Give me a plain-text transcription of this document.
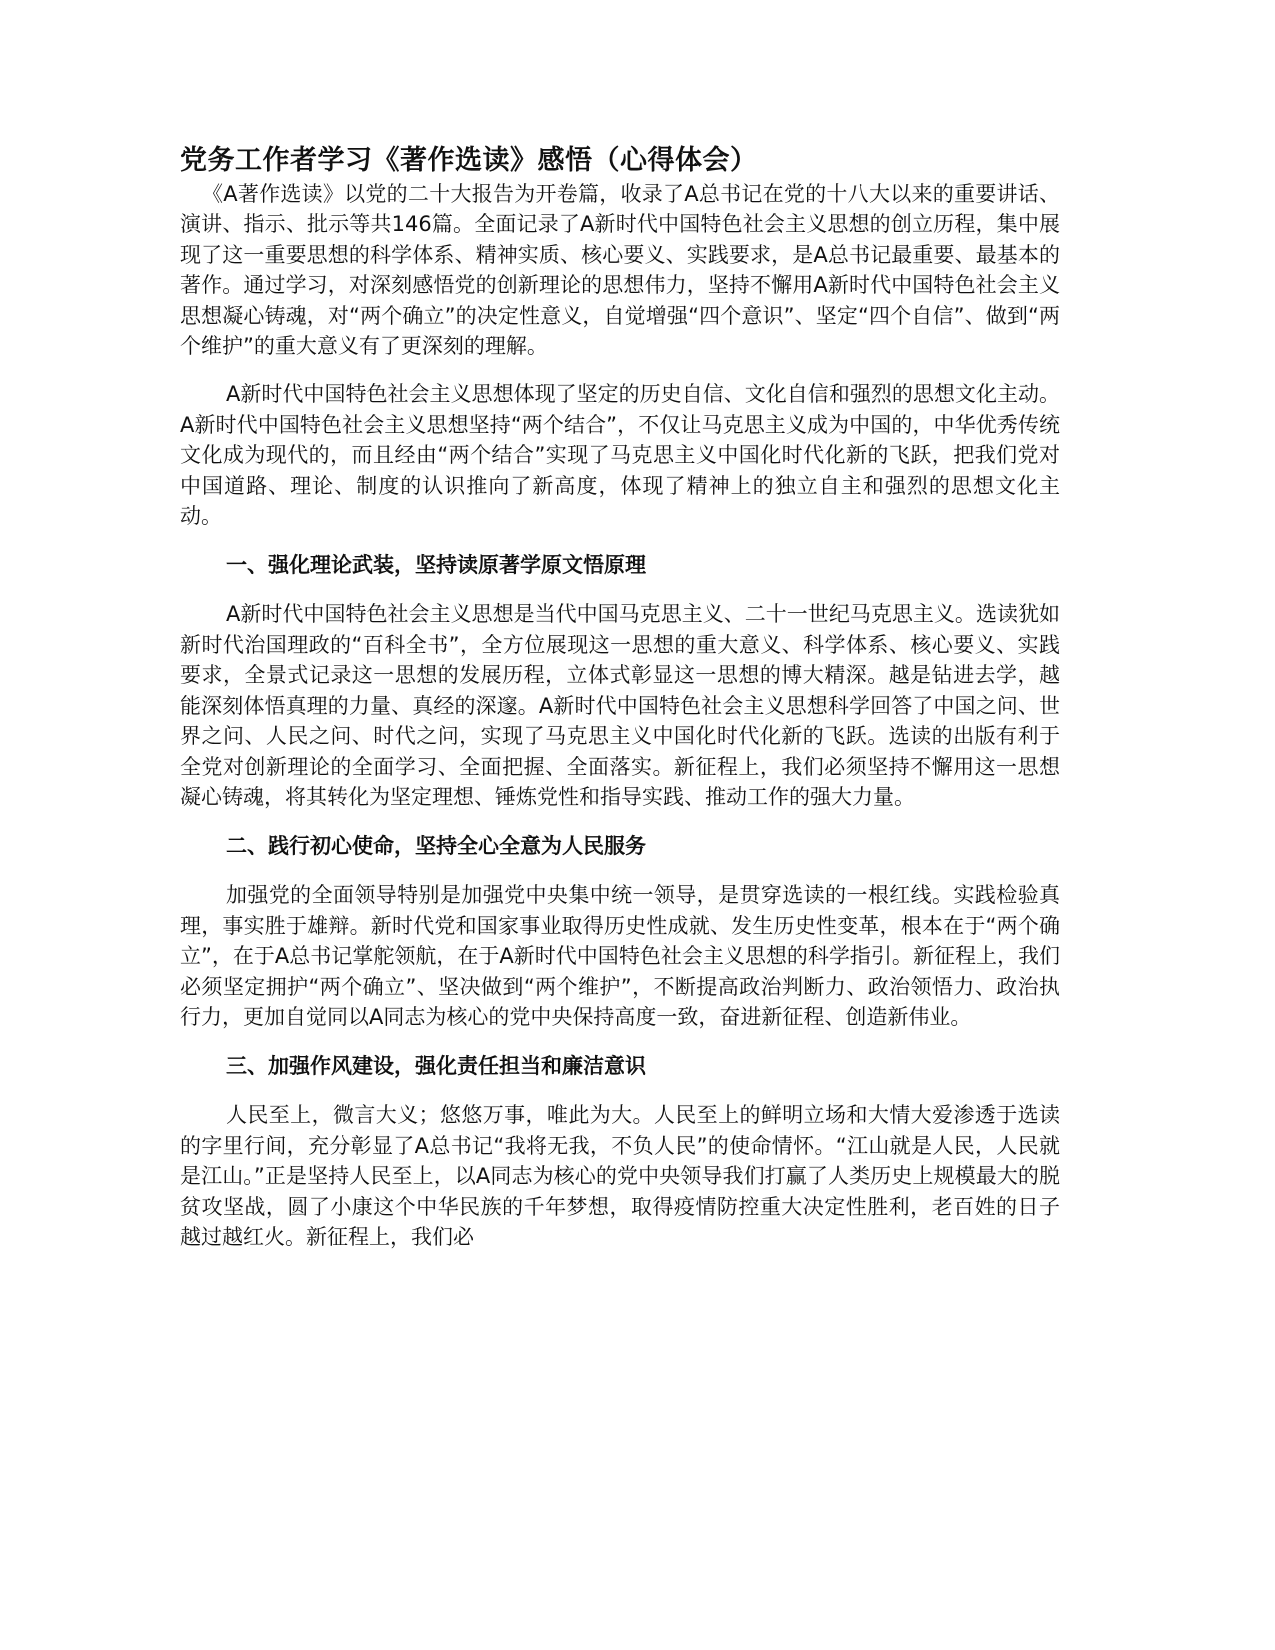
党务工作者学习《著作选读》感悟（心得体会）

《A著作选读》以党的二十大报告为开卷篇，收录了A总书记在党的十八大以来的重要讲话、演讲、指示、批示等共146篇。全面记录了A新时代中国特色社会主义思想的创立历程，集中展现了这一重要思想的科学体系、精神实质、核心要义、实践要求，是A总书记最重要、最基本的著作。通过学习，对深刻感悟党的创新理论的思想伟力，坚持不懈用A新时代中国特色社会主义思想凝心铸魂，对“两个确立”的决定性意义，自觉增强“四个意识”、坚定“四个自信”、做到“两个维护”的重大意义有了更深刻的理解。

A新时代中国特色社会主义思想体现了坚定的历史自信、文化自信和强烈的思想文化主动。A新时代中国特色社会主义思想坚持“两个结合”，不仅让马克思主义成为中国的，中华优秀传统文化成为现代的，而且经由“两个结合”实现了马克思主义中国化时代化新的飞跃，把我们党对中国道路、理论、制度的认识推向了新高度，体现了精神上的独立自主和强烈的思想文化主动。

一、强化理论武装，坚持读原著学原文悟原理

A新时代中国特色社会主义思想是当代中国马克思主义、二十一世纪马克思主义。选读犹如新时代治国理政的“百科全书”，全方位展现这一思想的重大意义、科学体系、核心要义、实践要求，全景式记录这一思想的发展历程，立体式彰显这一思想的博大精深。越是钻进去学，越能深刻体悟真理的力量、真经的深邃。A新时代中国特色社会主义思想科学回答了中国之问、世界之问、人民之问、时代之问，实现了马克思主义中国化时代化新的飞跃。选读的出版有利于全党对创新理论的全面学习、全面把握、全面落实。新征程上，我们必须坚持不懈用这一思想凝心铸魂，将其转化为坚定理想、锤炼党性和指导实践、推动工作的强大力量。

二、践行初心使命，坚持全心全意为人民服务

加强党的全面领导特别是加强党中央集中统一领导，是贯穿选读的一根红线。实践检验真理，事实胜于雄辩。新时代党和国家事业取得历史性成就、发生历史性变革，根本在于“两个确立”，在于A总书记掌舵领航，在于A新时代中国特色社会主义思想的科学指引。新征程上，我们必须坚定拥护“两个确立”、坚决做到“两个维护”，不断提高政治判断力、政治领悟力、政治执行力，更加自觉同以A同志为核心的党中央保持高度一致，奋进新征程、创造新伟业。

三、加强作风建设，强化责任担当和廉洁意识

人民至上，微言大义；悠悠万事，唯此为大。人民至上的鲜明立场和大情大爱渗透于选读的字里行间，充分彰显了A总书记“我将无我，不负人民”的使命情怀。“江山就是人民，人民就是江山。”正是坚持人民至上，以A同志为核心的党中央领导我们打赢了人类历史上规模最大的脱贫攻坚战，圆了小康这个中华民族的千年梦想，取得疫情防控重大决定性胜利，老百姓的日子越过越红火。新征程上，我们必
